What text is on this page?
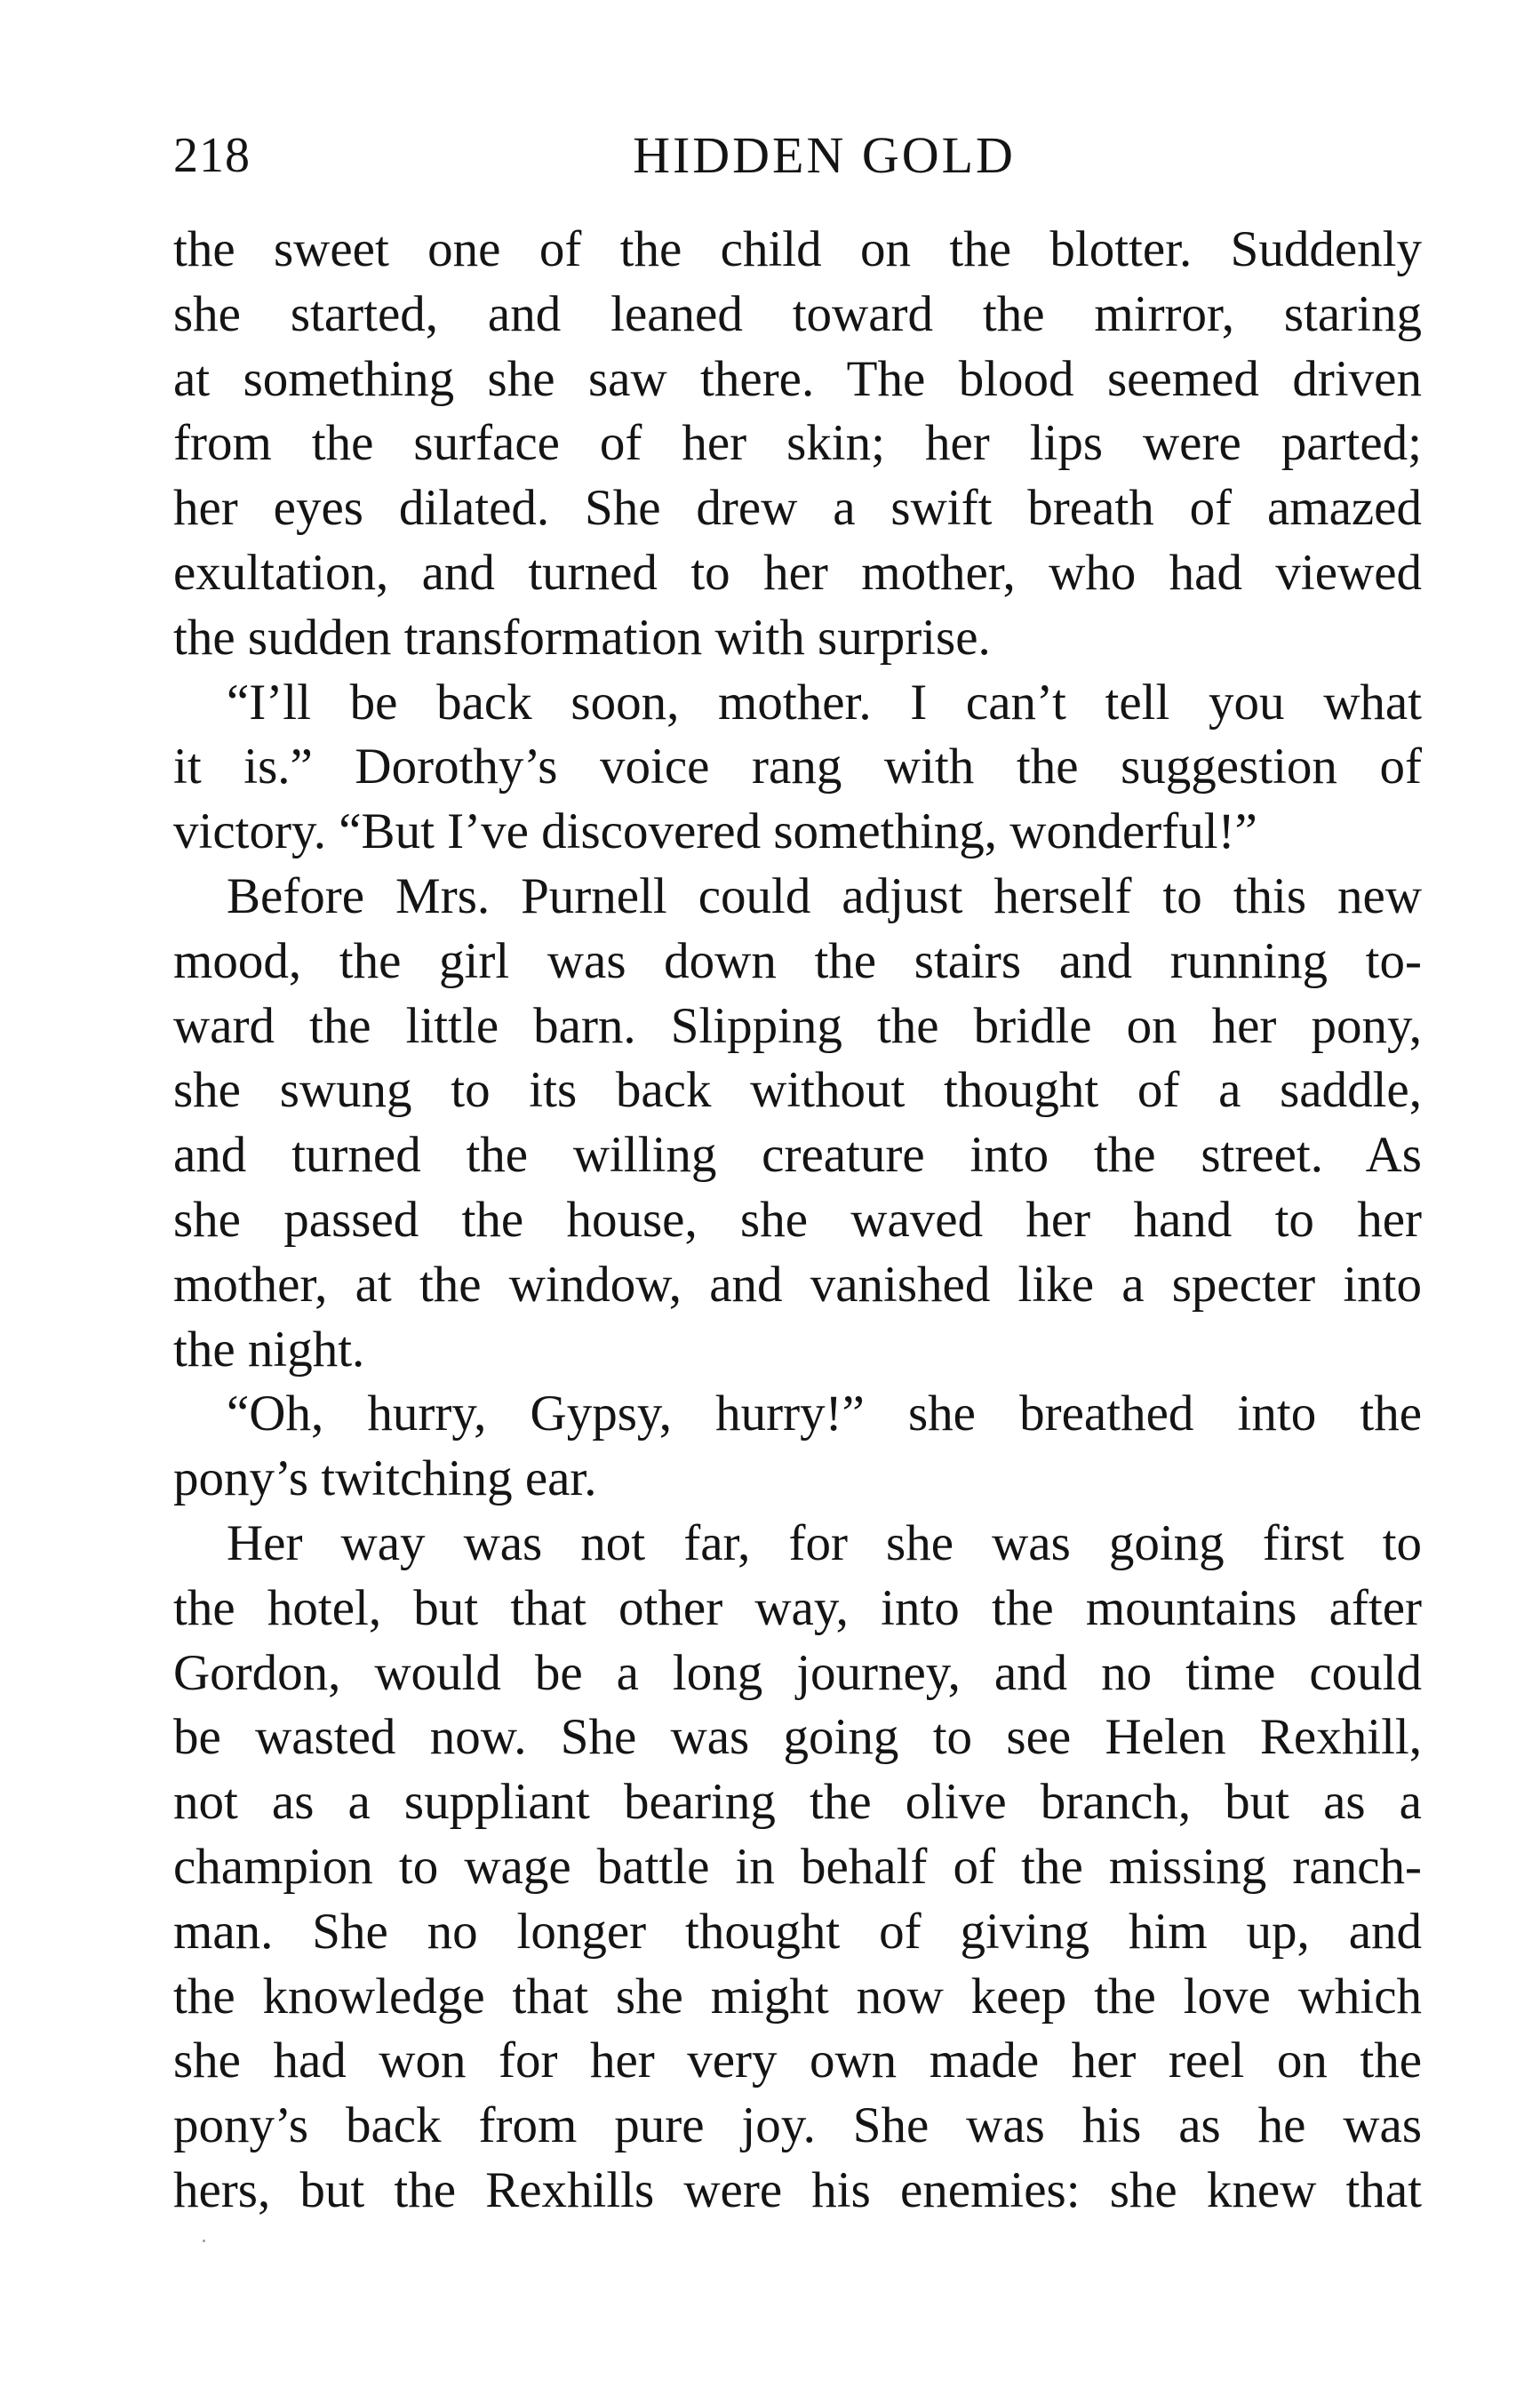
218	HIDDEN GOLD
the sweet one of the child on the blotter. Suddenly
she started, and leaned toward the mirror, staring
at something she saw there. The blood seemed driven
from the surface of her skin; her lips were parted;
her eyes dilated. She drew a swift breath of amazed
exultation, and turned to her mother, who had viewed
the sudden transformation with surprise.
“I’ll be back soon, mother. I can’t tell you what
it is.” Dorothy’s voice rang with the suggestion of
victory. “But I’ve discovered something, wonderful!”
Before Mrs. Purnell could adjust herself to this new
mood, the girl was down the stairs and running to-
ward the little barn. Slipping the bridle on her pony,
she swung to its back without thought of a saddle,
and turned the willing creature into the street. As
she passed the house, she waved her hand to her
mother, at the window, and vanished like a specter into
the night.
“Oh, hurry, Gypsy, hurry!” she breathed into the
pony’s twitching ear.
Her way was not far, for she was going first to
the hotel, but that other way, into the mountains after
Gordon, would be a long journey, and no time could
be wasted now. She was going to see Helen Rexhill,
not as a suppliant bearing the olive branch, but as a
champion to wage battle in behalf of the missing ranch-
man. She no longer thought of giving him up, and
the knowledge that she might now keep the love which
she had won for her very own made her reel on the
pony’s back from pure joy. She was his as he was
hers, but the Rexhills were his enemies: she knew that
